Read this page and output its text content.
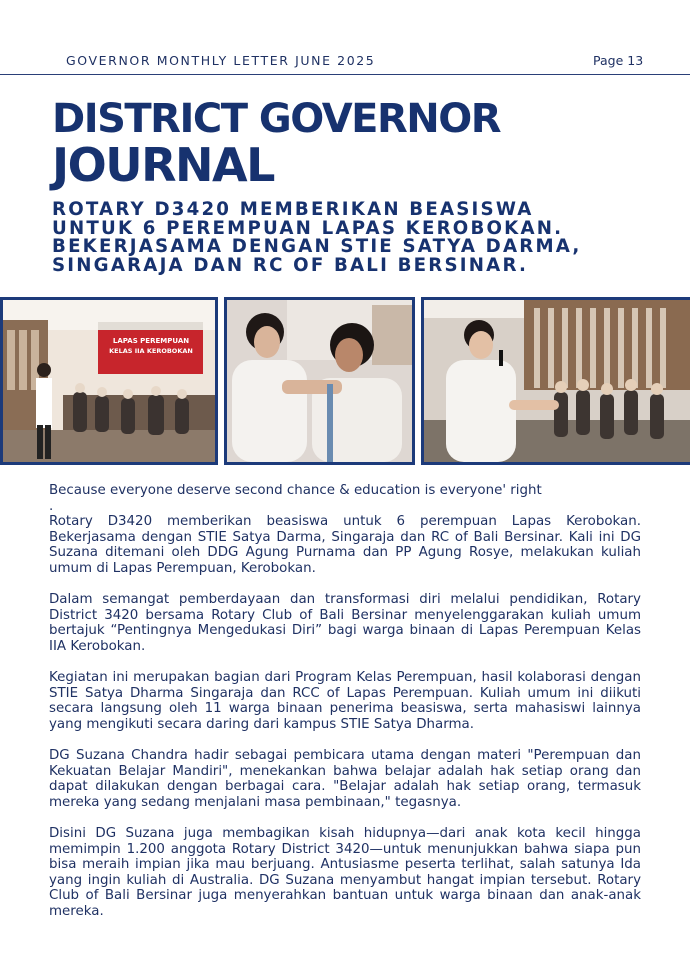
GOVERNOR MONTHLY LETTER JUNE 2025	Page 13
DISTRICT GOVERNOR
JOURNAL
ROTARY D3420 MEMBERIKAN BEASISWA
UNTUK 6 PEREMPUAN LAPAS KEROBOKAN.
BEKERJASAMA DENGAN STIE SATYA DARMA,
SINGARAJA DAN RC OF BALI BERSINAR.
LAPAS PEREMPUAN
KELAS IIA KEROBOKAN

Because everyone deserve second chance & education is everyone' right

.

Rotary D3420 memberikan beasiswa untuk 6 perempuan Lapas Kerobokan. Bekerjasama dengan STIE Satya Darma, Singaraja dan RC of Bali Bersinar. Kali ini DG Suzana ditemani oleh DDG Agung Purnama dan PP Agung Rosye, melakukan kuliah umum di Lapas Perempuan, Kerobokan.

Dalam semangat pemberdayaan dan transformasi diri melalui pendidikan, Rotary District 3420 bersama Rotary Club of Bali Bersinar menyelenggarakan kuliah umum bertajuk “Pentingnya Mengedukasi Diri” bagi warga binaan di Lapas Perempuan Kelas IIA Kerobokan.

Kegiatan ini merupakan bagian dari Program Kelas Perempuan, hasil kolaborasi dengan STIE Satya Dharma Singaraja dan RCC of Lapas Perempuan. Kuliah umum ini diikuti secara langsung oleh 11 warga binaan penerima beasiswa, serta mahasiswi lainnya yang mengikuti secara daring dari kampus STIE Satya Dharma.

DG Suzana Chandra hadir sebagai pembicara utama dengan materi "Perempuan dan Kekuatan Belajar Mandiri", menekankan bahwa belajar adalah hak setiap orang dan dapat dilakukan dengan berbagai cara. "Belajar adalah hak setiap orang, termasuk mereka yang sedang menjalani masa pembinaan," tegasnya.

Disini DG Suzana juga membagikan kisah hidupnya—dari anak kota kecil hingga memimpin 1.200 anggota Rotary District 3420—untuk menunjukkan bahwa siapa pun bisa meraih impian jika mau berjuang. Antusiasme peserta terlihat, salah satunya Ida yang ingin kuliah di Australia. DG Suzana menyambut hangat impian tersebut. Rotary Club of Bali Bersinar juga menyerahkan bantuan untuk warga binaan dan anak-anak mereka.
